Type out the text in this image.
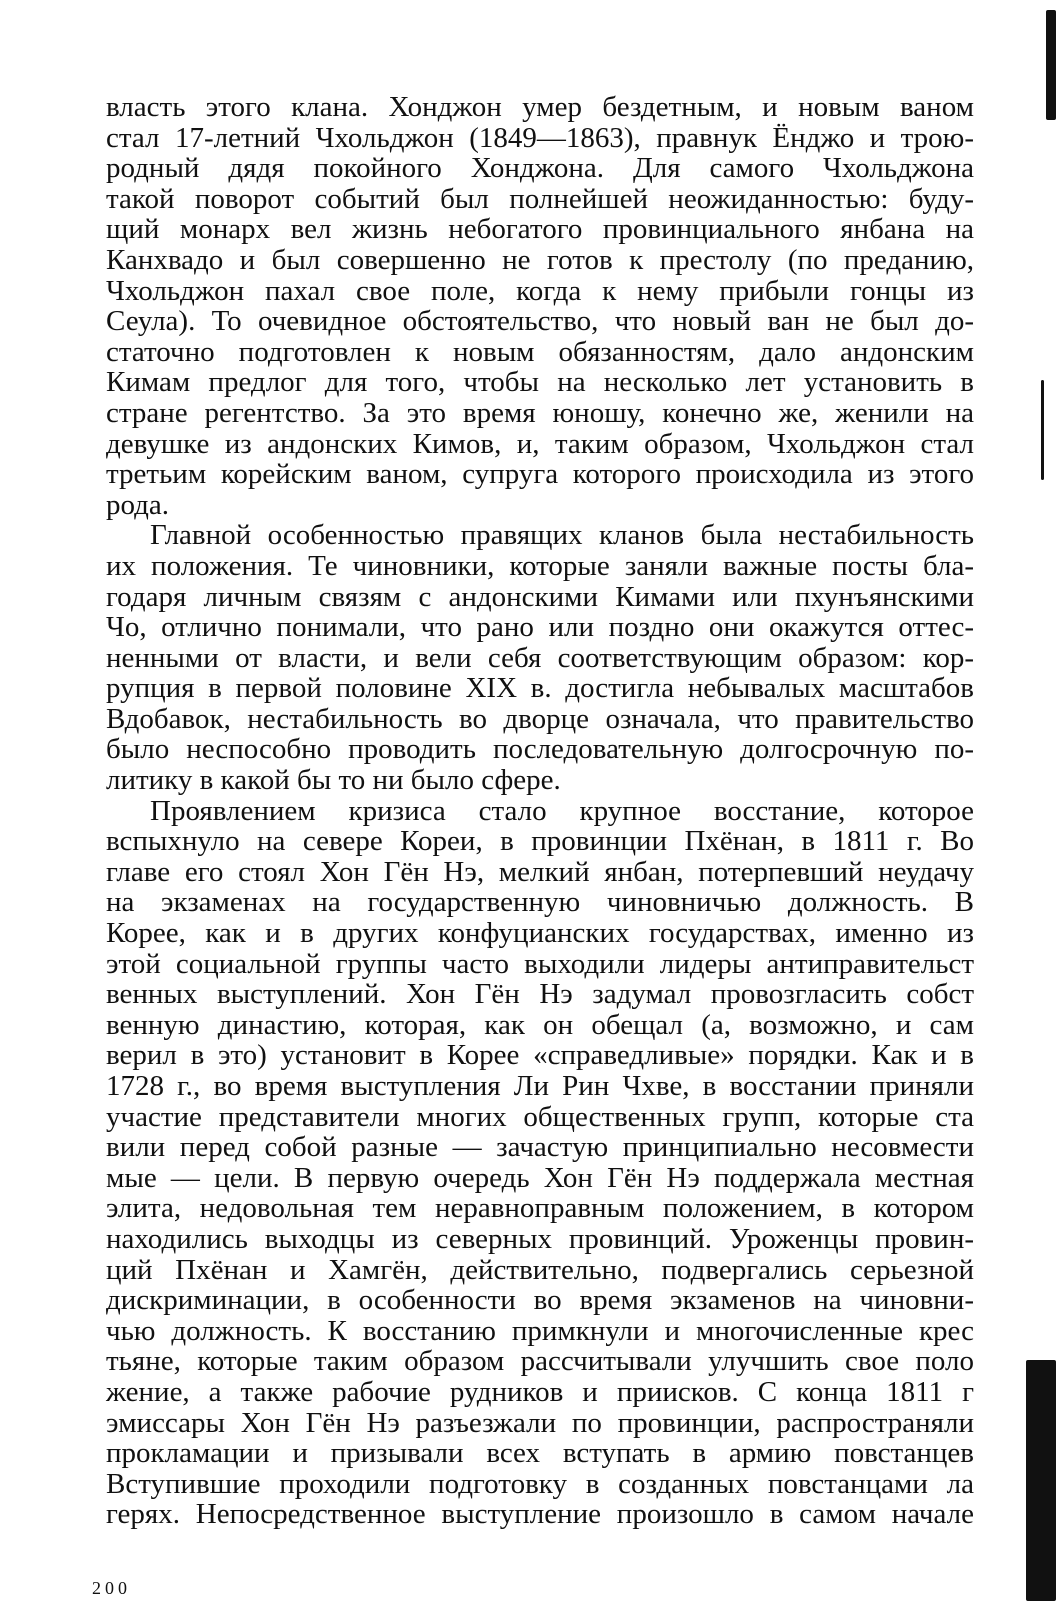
власть этого клана. Хонджон умер бездетным, и новым ваном
стал 17-летний Чхольджон (1849—1863), правнук Ёнджо и трою-
родный дядя покойного Хонджона. Для самого Чхольджона
такой поворот событий был полнейшей неожиданностью: буду-
щий монарх вел жизнь небогатого провинциального янбана на
Канхвадо и был совершенно не готов к престолу (по преданию,
Чхольджон пахал свое поле, когда к нему прибыли гонцы из
Сеула). То очевидное обстоятельство, что новый ван не был до-
статочно подготовлен к новым обязанностям, дало андонским
Кимам предлог для того, чтобы на несколько лет установить в
стране регентство. За это время юношу, конечно же, женили на
девушке из андонских Кимов, и, таким образом, Чхольджон стал
третьим корейским ваном, супруга которого происходила из этого
рода.

Главной особенностью правящих кланов была нестабильность
их положения. Те чиновники, которые заняли важные посты бла-
годаря личным связям с андонскими Кимами или пхунъянскими
Чо, отлично понимали, что рано или поздно они окажутся оттес-
ненными от власти, и вели себя соответствующим образом: кор-
рупция в первой половине XIX в. достигла небывалых масштабов
Вдобавок, нестабильность во дворце означала, что правительство
было неспособно проводить последовательную долгосрочную по-
литику в какой бы то ни было сфере.

Проявлением кризиса стало крупное восстание, которое
вспыхнуло на севере Кореи, в провинции Пхёнан, в 1811 г. Во
главе его стоял Хон Гён Нэ, мелкий янбан, потерпевший неудачу
на экзаменах на государственную чиновничью должность. В
Корее, как и в других конфуцианских государствах, именно из
этой социальной группы часто выходили лидеры антиправительст
венных выступлений. Хон Гён Нэ задумал провозгласить собст
венную династию, которая, как он обещал (а, возможно, и сам
верил в это) установит в Корее «справедливые» порядки. Как и в
1728 г., во время выступления Ли Рин Чхве, в восстании приняли
участие представители многих общественных групп, которые ста
вили перед собой разные — зачастую принципиально несовмести
мые — цели. В первую очередь Хон Гён Нэ поддержала местная
элита, недовольная тем неравноправным положением, в котором
находились выходцы из северных провинций. Уроженцы провин-
ций Пхёнан и Хамгён, действительно, подвергались серьезной
дискриминации, в особенности во время экзаменов на чиновни-
чью должность. К восстанию примкнули и многочисленные крес
тьяне, которые таким образом рассчитывали улучшить свое поло
жение, а также рабочие рудников и приисков. С конца 1811 г
эмиссары Хон Гён Нэ разъезжали по провинции, распространяли
прокламации и призывали всех вступать в армию повстанцев
Вступившие проходили подготовку в созданных повстанцами ла
герях. Непосредственное выступление произошло в самом начале

200
